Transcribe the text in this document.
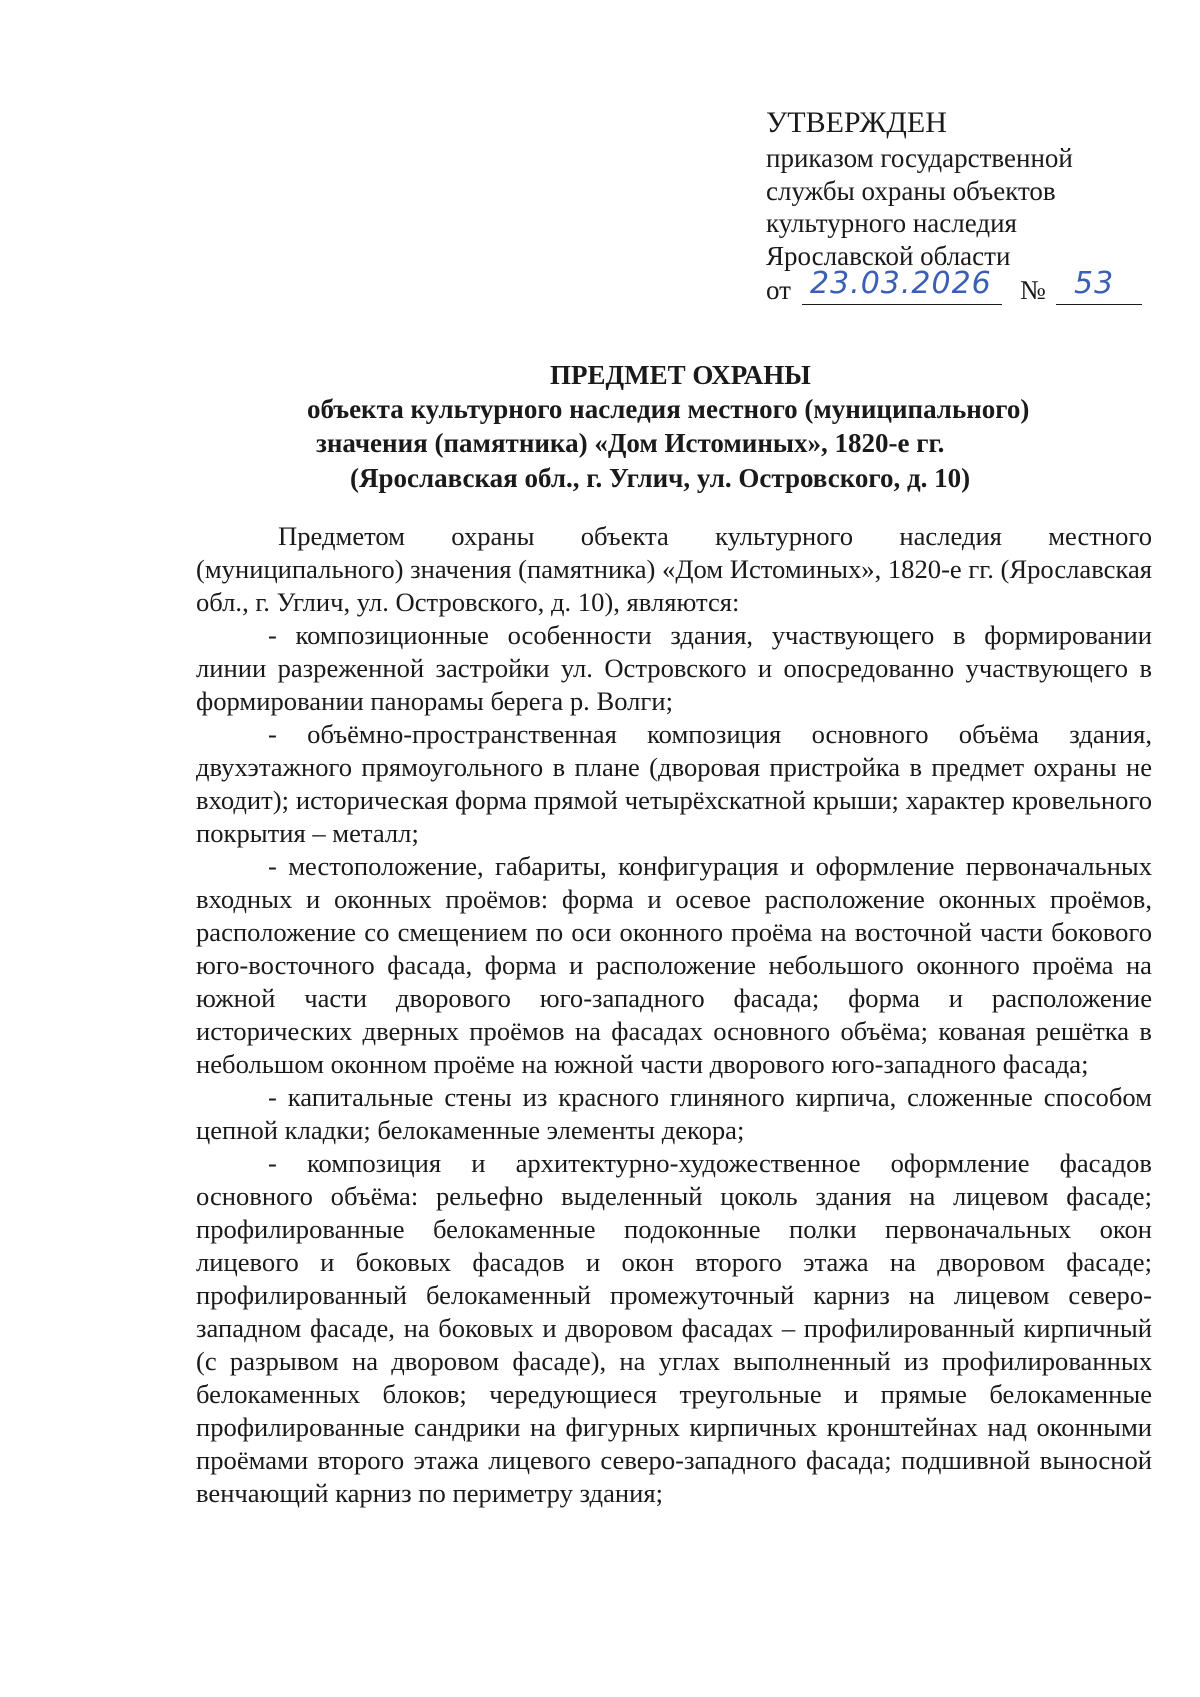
УТВЕРЖДЕН
приказом государственной
службы охраны объектов
культурного наследия
Ярославской области
от 23.03.2026	№ 53
ПРЕДМЕТ ОХРАНЫ
объекта культурного наследия местного (муниципального)
значения (памятника) «Дом Истоминых», 1820-е гг.
(Ярославская обл., г. Углич, ул. Островского, д. 10)

Предметом охраны объекта культурного наследия местного (муниципального) значения (памятника) «Дом Истоминых», 1820-е гг. (Ярославская обл., г. Углич, ул. Островского, д. 10), являются:

- композиционные особенности здания, участвующего в формировании линии разреженной застройки ул. Островского и опосредованно участвующего в формировании панорамы берега р. Волги;

- объёмно-пространственная композиция основного объёма здания, двухэтажного прямоугольного в плане (дворовая пристройка в предмет охраны не входит); историческая форма прямой четырёхскатной крыши; характер кровельного покрытия – металл;

- местоположение, габариты, конфигурация и оформление первоначальных входных и оконных проёмов: форма и осевое расположение оконных проёмов, расположение со смещением по оси оконного проёма на восточной части бокового юго-восточного фасада, форма и расположение небольшого оконного проёма на южной части дворового юго-западного фасада; форма и расположение исторических дверных проёмов на фасадах основного объёма; кованая решётка в небольшом оконном проёме на южной части дворового юго-западного фасада;

- капитальные стены из красного глиняного кирпича, сложенные способом цепной кладки; белокаменные элементы декора;

- композиция и архитектурно-художественное оформление фасадов основного объёма: рельефно выделенный цоколь здания на лицевом фасаде; профилированные белокаменные подоконные полки первоначальных окон лицевого и боковых фасадов и окон второго этажа на дворовом фасаде; профилированный белокаменный промежуточный карниз на лицевом северо-западном фасаде, на боковых и дворовом фасадах – профилированный кирпичный (с разрывом на дворовом фасаде), на углах выполненный из профилированных белокаменных блоков; чередующиеся треугольные и прямые белокаменные профилированные сандрики на фигурных кирпичных кронштейнах над оконными проёмами второго этажа лицевого северо-западного фасада; подшивной выносной венчающий карниз по периметру здания;
